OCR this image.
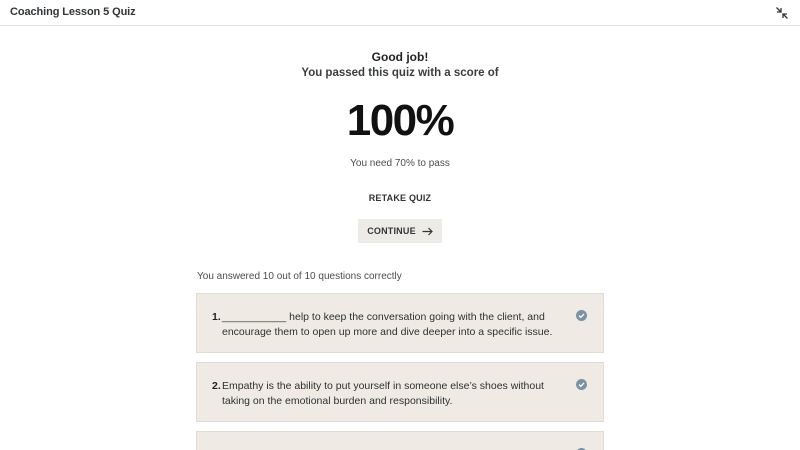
Coaching Lesson 5 Quiz
Good job!
You passed this quiz with a score of
100%
You need 70% to pass
RETAKE QUIZ
CONTINUE
You answered 10 out of 10 questions correctly
1. ___________ help to keep the conversation going with the client, and encourage them to open up more and dive deeper into a specific issue.
2. Empathy is the ability to put yourself in someone else’s shoes without taking on the emotional burden and responsibility.
